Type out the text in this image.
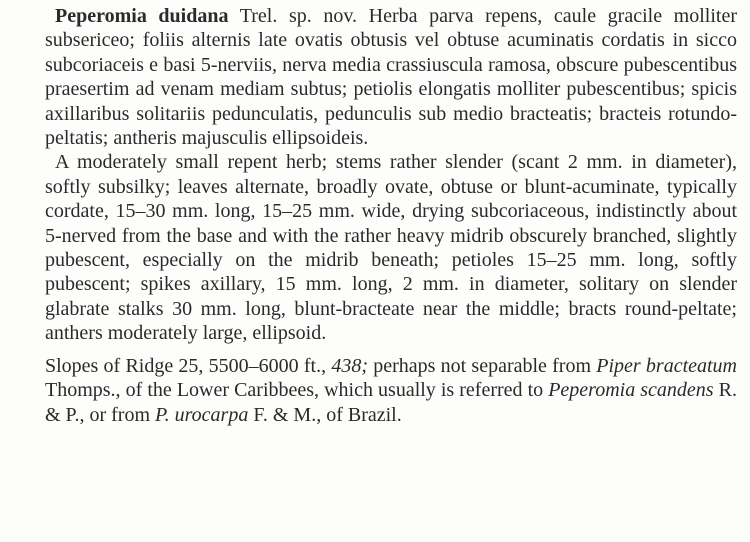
Peperomia duidana Trel. sp. nov. Herba parva repens, caule gracile molliter subsericeo; foliis alternis late ovatis obtusis vel obtuse acuminatis cordatis in sicco subcoriaceis e basi 5-nerviis, nerva media crassiuscula ramosa, obscure pubescentibus praesertim ad venam mediam subtus; petiolis elongatis molliter pubescentibus; spicis axillaribus solitariis pedunculatis, pedunculis sub medio bracteatis; bracteis rotundo-peltatis; antheris majusculis ellipsoideis.

A moderately small repent herb; stems rather slender (scant 2 mm. in diameter), softly subsilky; leaves alternate, broadly ovate, obtuse or blunt-acuminate, typically cordate, 15–30 mm. long, 15–25 mm. wide, drying subcoriaceous, indistinctly about 5-nerved from the base and with the rather heavy midrib obscurely branched, slightly pubescent, especially on the midrib beneath; petioles 15–25 mm. long, softly pubescent; spikes axillary, 15 mm. long, 2 mm. in diameter, solitary on slender glabrate stalks 30 mm. long, blunt-bracteate near the middle; bracts round-peltate; anthers moderately large, ellipsoid.

Slopes of Ridge 25, 5500–6000 ft., 438; perhaps not separable from Piper bracteatum Thomps., of the Lower Caribbees, which usually is referred to Peperomia scandens R. & P., or from P. urocarpa F. & M., of Brazil.
